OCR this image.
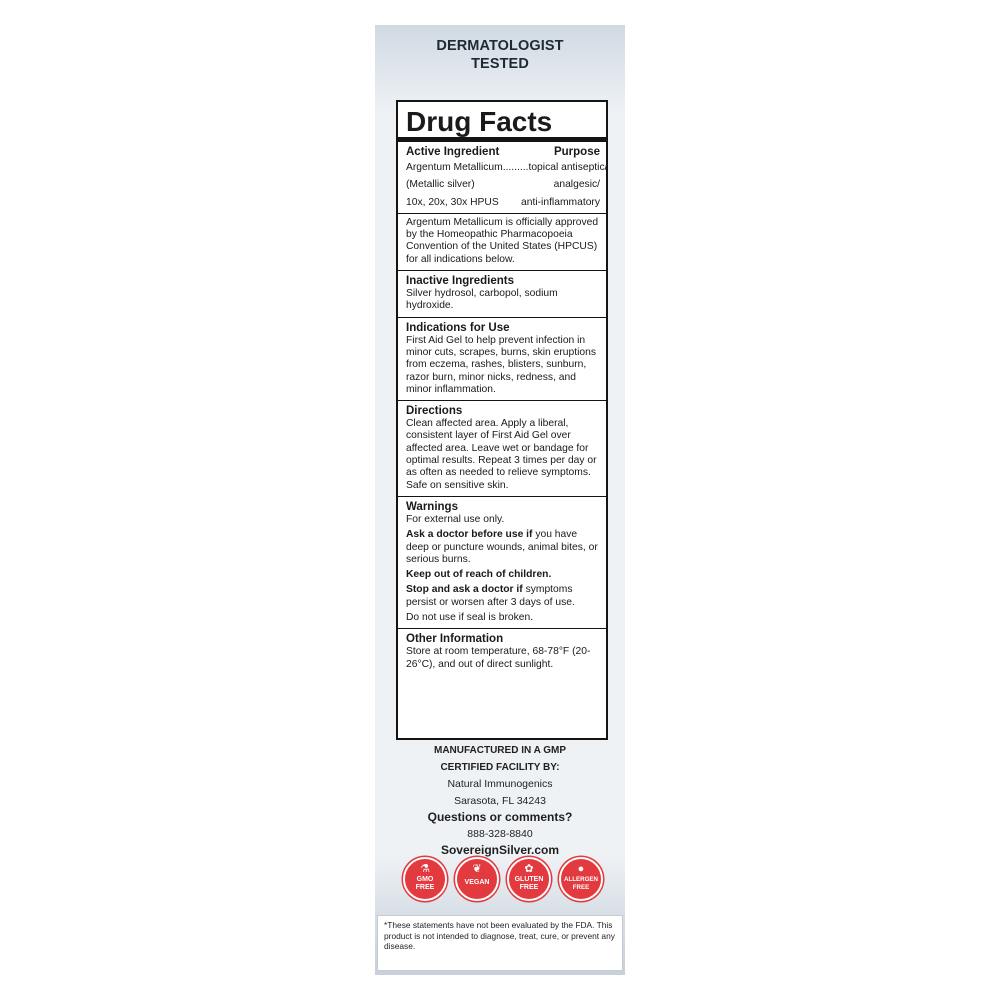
DERMATOLOGIST
TESTED
Drug Facts
Active Ingredient	Purpose
Argentum Metallicum......... topical antiseptic/
(Metallic silver)	analgesic/
10x, 20x, 30x HPUS anti-inflammatory

Argentum Metallicum is officially approved by the Homeopathic Pharmacopoeia Convention of the United States (HPCUS) for all indications below.

Inactive Ingredients

Silver hydrosol, carbopol, sodium hydroxide.

Indications for Use

First Aid Gel to help prevent infection in minor cuts, scrapes, burns, skin eruptions from eczema, rashes, blisters, sunburn, razor burn, minor nicks, redness, and minor inflammation.

Directions

Clean affected area. Apply a liberal, consistent layer of First Aid Gel over affected area. Leave wet or bandage for optimal results. Repeat 3 times per day or as often as needed to relieve symptoms. Safe on sensitive skin.

Warnings

For external use only.

Ask a doctor before use if you have deep or puncture wounds, animal bites, or serious burns.

Keep out of reach of children.

Stop and ask a doctor if symptoms persist or worsen after 3 days of use.

Do not use if seal is broken.

Other Information

Store at room temperature, 68-78°F (20-26°C), and out of direct sunlight.

MANUFACTURED IN A GMP
CERTIFIED FACILITY BY:
Natural Immunogenics
Sarasota, FL 34243
Questions or comments?
888-328-8840
SovereignSilver.com
⚗
GMO
FREE
❦
VEGAN
✿
GLUTEN
FREE
●
ALLERGEN
FREE
*These statements have not been evaluated by the FDA. This product is not intended to diagnose, treat, cure, or prevent any disease.
